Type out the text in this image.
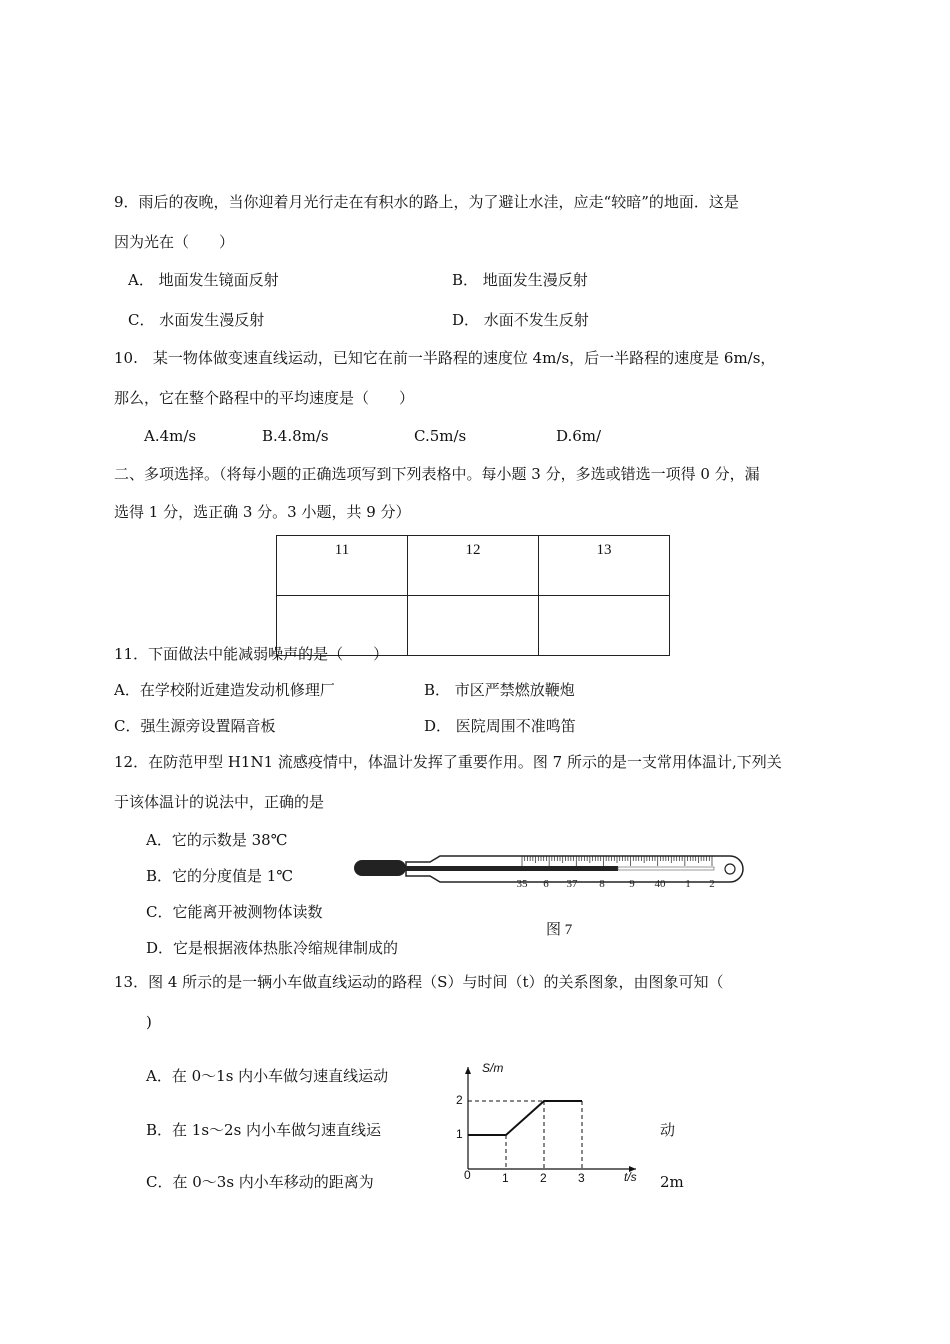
9．雨后的夜晚，当你迎着月光行走在有积水的路上，为了避让水洼，应走“较暗”的地面．这是
因为光在（　　）
A． 地面发生镜面反射	B． 地面发生漫反射
C． 水面发生漫反射	D． 水面不发生反射
10.　某一物体做变速直线运动，已知它在前一半路程的速度位 4m/s，后一半路程的速度是 6m/s，
那么，它在整个路程中的平均速度是（　　）
A.4m/s	B.4.8m/s	C.5m/s	D.6m/
二、多项选择。（将每小题的正确选项写到下列表格中。每小题 3 分，多选或错选一项得 0 分，漏
选得 1 分，选正确 3 分。3 小题，共 9 分）
11	12	13

11．下面做法中能减弱噪声的是（　　）
A．在学校附近建造发动机修理厂	B． 市区严禁燃放鞭炮
C．强生源旁设置隔音板	D． 医院周围不准鸣笛
12．在防范甲型 H1N1 流感疫情中，体温计发挥了重要作用。图 7 所示的是一支常用体温计,下列关
于该体温计的说法中，正确的是
A．它的示数是 38℃
B．它的分度值是 1℃
C．它能离开被测物体读数
D．它是根据液体热胀冷缩规律制成的
35 6 37 8 9 40 1 2
图 7
13．图 4 所示的是一辆小车做直线运动的路程（S）与时间（t）的关系图象，由图象可知（
)
A．在 0～1s 内小车做匀速直线运动
B．在 1s～2s 内小车做匀速直线运	动
C．在 0～3s 内小车移动的距离为	2m
S/m
t/s
0
1
2
1	2	3
